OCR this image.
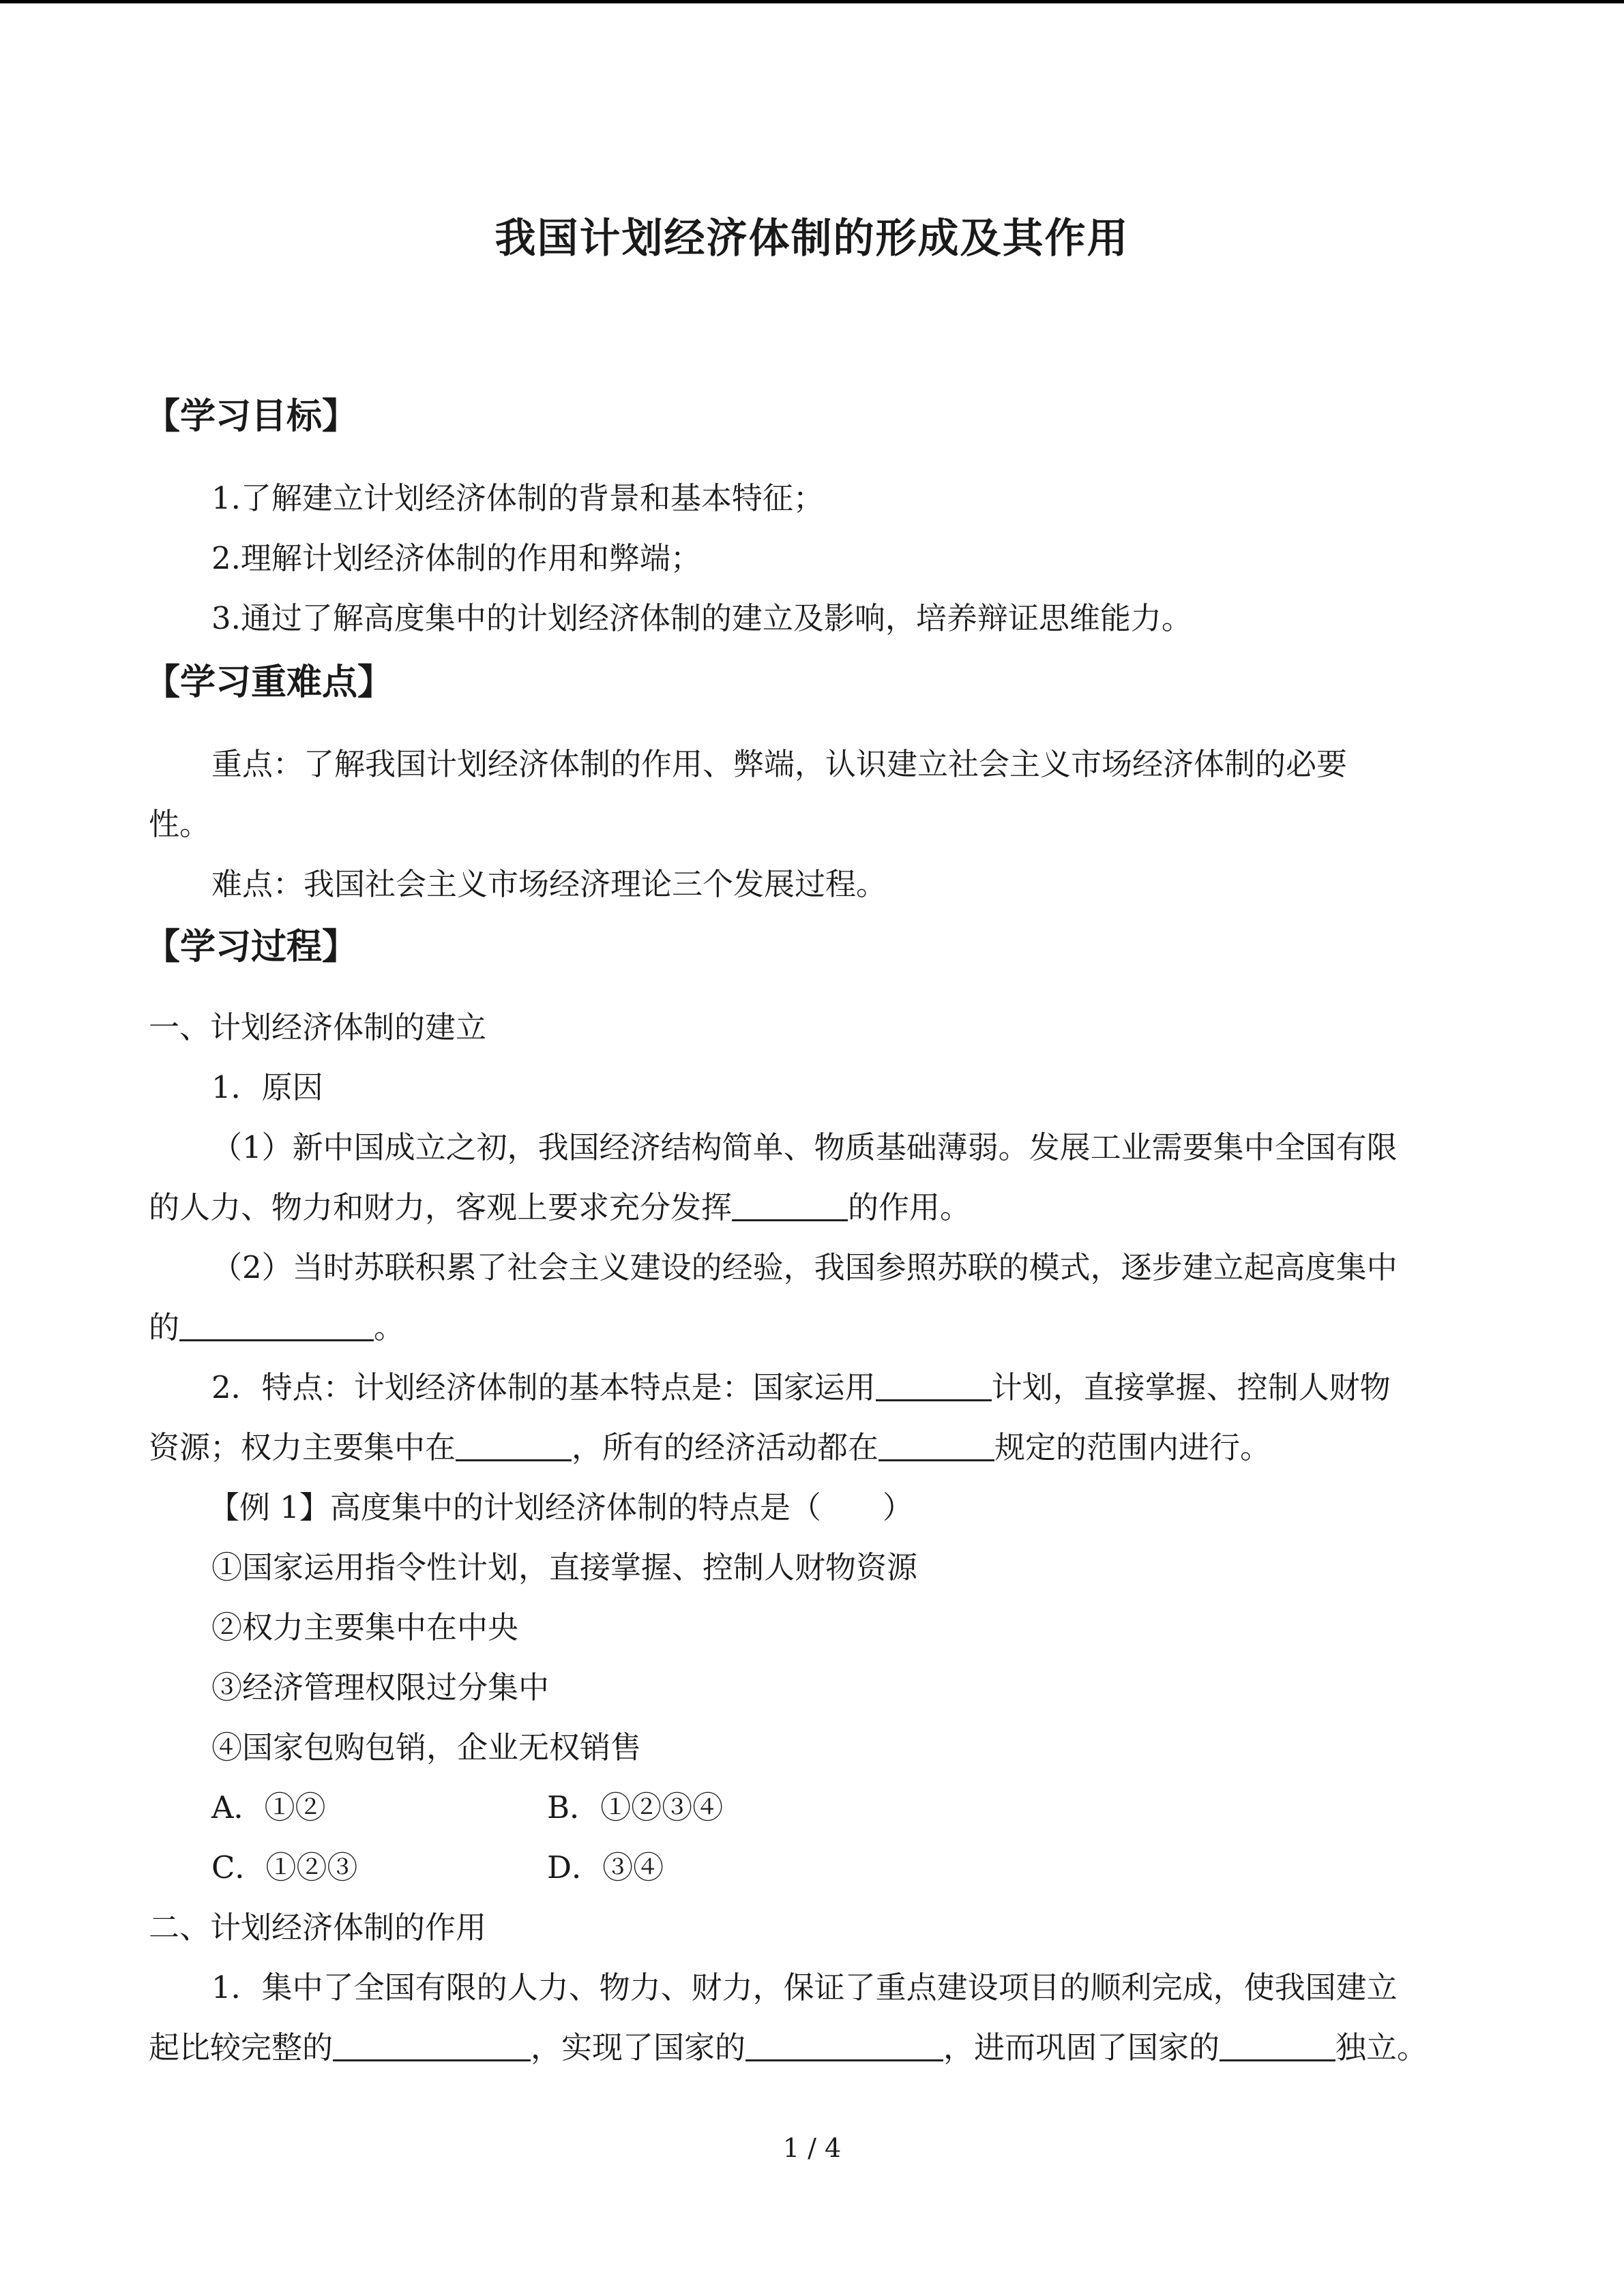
我国计划经济体制的形成及其作用
【学习目标】
1.了解建立计划经济体制的背景和基本特征；
2.理解计划经济体制的作用和弊端；
3.通过了解高度集中的计划经济体制的建立及影响，培养辩证思维能力。
【学习重难点】
重点：了解我国计划经济体制的作用、弊端，认识建立社会主义市场经济体制的必要
性。
难点：我国社会主义市场经济理论三个发展过程。
【学习过程】
一、计划经济体制的建立
1．原因
（1）新中国成立之初，我国经济结构简单、物质基础薄弱。发展工业需要集中全国有限
的人力、物力和财力，客观上要求充分发挥	的作用。
（2）当时苏联积累了社会主义建设的经验，我国参照苏联的模式，逐步建立起高度集中
的	。
2．特点：计划经济体制的基本特点是：国家运用	计划，直接掌握、控制人财物
资源；权力主要集中在	，所有的经济活动都在	规定的范围内进行。
【例 1】高度集中的计划经济体制的特点是（　　）
①国家运用指令性计划，直接掌握、控制人财物资源
②权力主要集中在中央
③经济管理权限过分集中
④国家包购包销，企业无权销售
A．①②	B．①②③④
C．①②③	D．③④
二、计划经济体制的作用
1．集中了全国有限的人力、物力、财力，保证了重点建设项目的顺利完成，使我国建立
起比较完整的	，实现了国家的	，进而巩固了国家的	独立。
1 / 4
